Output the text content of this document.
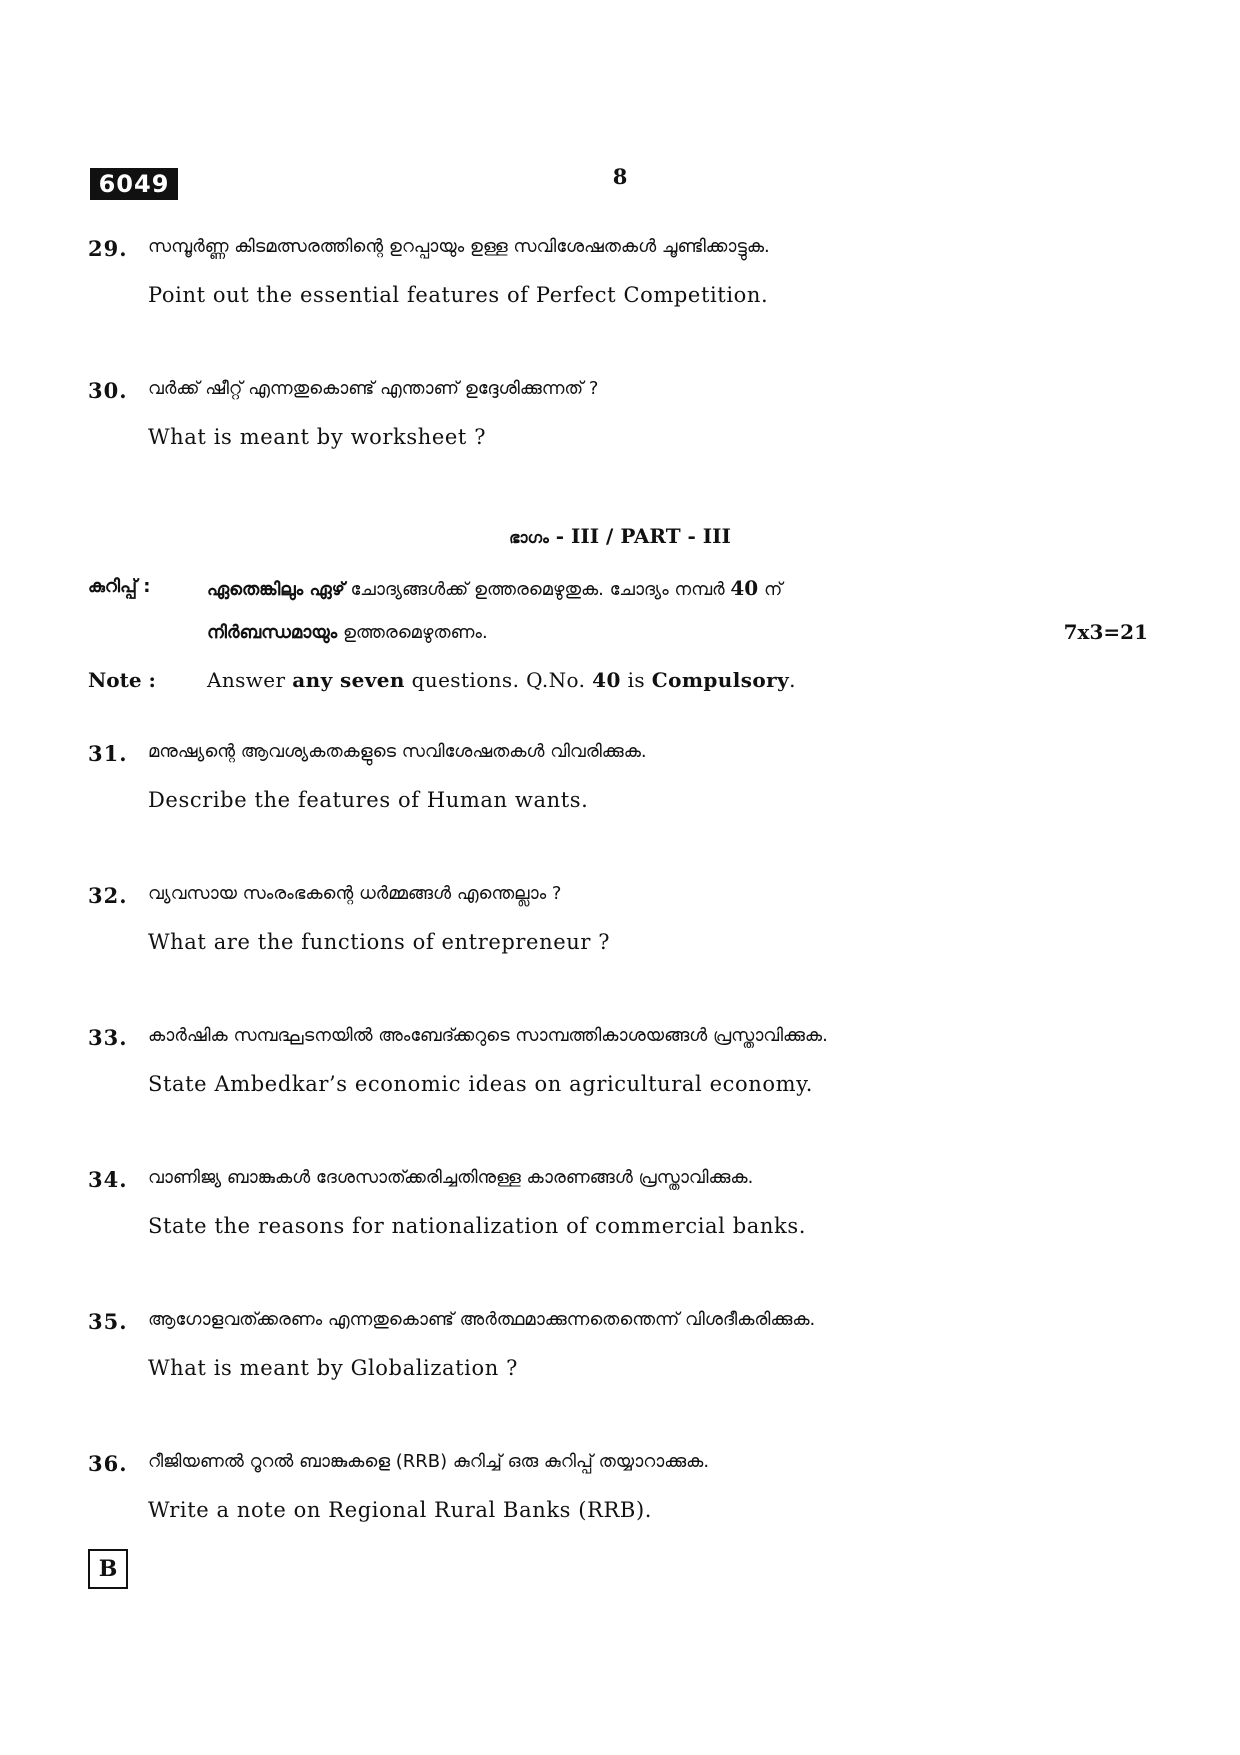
6049	8
29. സമ്പൂർണ്ണ കിടമത്സരത്തിന്റെ ഉറപ്പായും ഉള്ള സവിശേഷതകൾ ചൂണ്ടിക്കാട്ടുക.
Point out the essential features of Perfect Competition.
30. വർക്ക് ഷീറ്റ് എന്നതുകൊണ്ട് എന്താണ് ഉദ്ദേശിക്കുന്നത് ?
What is meant by worksheet ?
ഭാഗം - III / PART - III
കുറിപ്പ് :	ഏതെങ്കിലും ഏഴ് ചോദ്യങ്ങൾക്ക് ഉത്തരമെഴുതുക. ചോദ്യം നമ്പർ 40 ന്
നിർബന്ധമായും ഉത്തരമെഴുതണം.	7x3=21
Note :	Answer any seven questions. Q.No. 40 is Compulsory.
31. മനുഷ്യന്റെ ആവശ്യകതകളുടെ സവിശേഷതകൾ വിവരിക്കുക.
Describe the features of Human wants.
32. വ്യവസായ സംരംഭകന്റെ ധർമ്മങ്ങൾ എന്തെല്ലാം ?
What are the functions of entrepreneur ?
33. കാർഷിക സമ്പദ്ഘടനയിൽ അംബേദ്ക്കറുടെ സാമ്പത്തികാശയങ്ങൾ പ്രസ്താവിക്കുക.
State Ambedkar’s economic ideas on agricultural economy.
34. വാണിജ്യ ബാങ്കുകൾ ദേശസാത്ക്കരിച്ചതിനുള്ള കാരണങ്ങൾ പ്രസ്താവിക്കുക.
State the reasons for nationalization of commercial banks.
35. ആഗോളവത്ക്കരണം എന്നതുകൊണ്ട് അർത്ഥമാക്കുന്നതെന്തെന്ന് വിശദീകരിക്കുക.
What is meant by Globalization ?
36. റീജിയണൽ റൂറൽ ബാങ്കുകളെ (RRB) കുറിച്ച് ഒരു കുറിപ്പ് തയ്യാറാക്കുക.
Write a note on Regional Rural Banks (RRB).
B
